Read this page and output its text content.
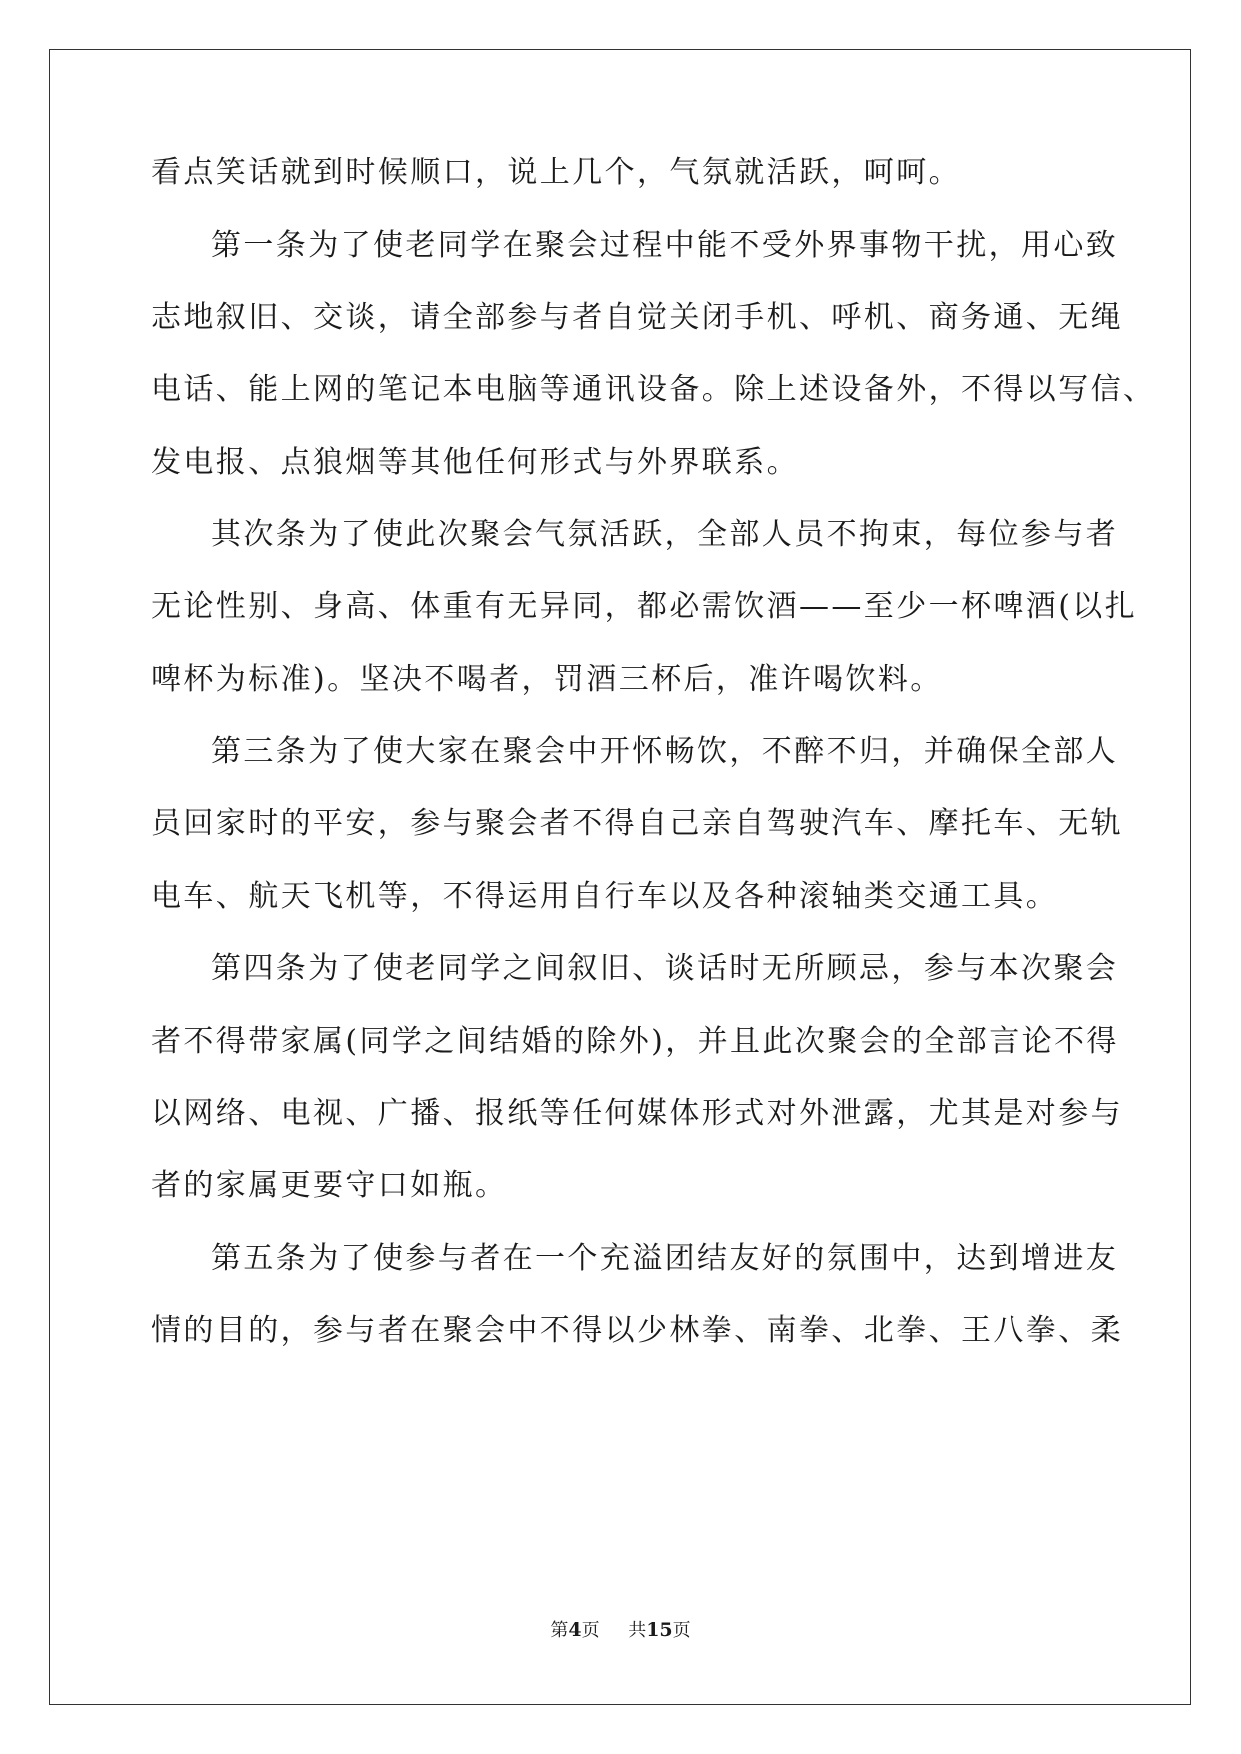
看点笑话就到时候顺口，说上几个，气氛就活跃，呵呵。
第一条为了使老同学在聚会过程中能不受外界事物干扰，用心致
志地叙旧、交谈，请全部参与者自觉关闭手机、呼机、商务通、无绳
电话、能上网的笔记本电脑等通讯设备。除上述设备外，不得以写信、
发电报、点狼烟等其他任何形式与外界联系。
其次条为了使此次聚会气氛活跃，全部人员不拘束，每位参与者
无论性别、身高、体重有无异同，都必需饮酒——至少一杯啤酒(以扎
啤杯为标准)。坚决不喝者，罚酒三杯后，准许喝饮料。
第三条为了使大家在聚会中开怀畅饮，不醉不归，并确保全部人
员回家时的平安，参与聚会者不得自己亲自驾驶汽车、摩托车、无轨
电车、航天飞机等，不得运用自行车以及各种滚轴类交通工具。
第四条为了使老同学之间叙旧、谈话时无所顾忌，参与本次聚会
者不得带家属(同学之间结婚的除外)，并且此次聚会的全部言论不得
以网络、电视、广播、报纸等任何媒体形式对外泄露，尤其是对参与
者的家属更要守口如瓶。
第五条为了使参与者在一个充溢团结友好的氛围中，达到增进友
情的目的，参与者在聚会中不得以少林拳、南拳、北拳、王八拳、柔
第4页 共15页
